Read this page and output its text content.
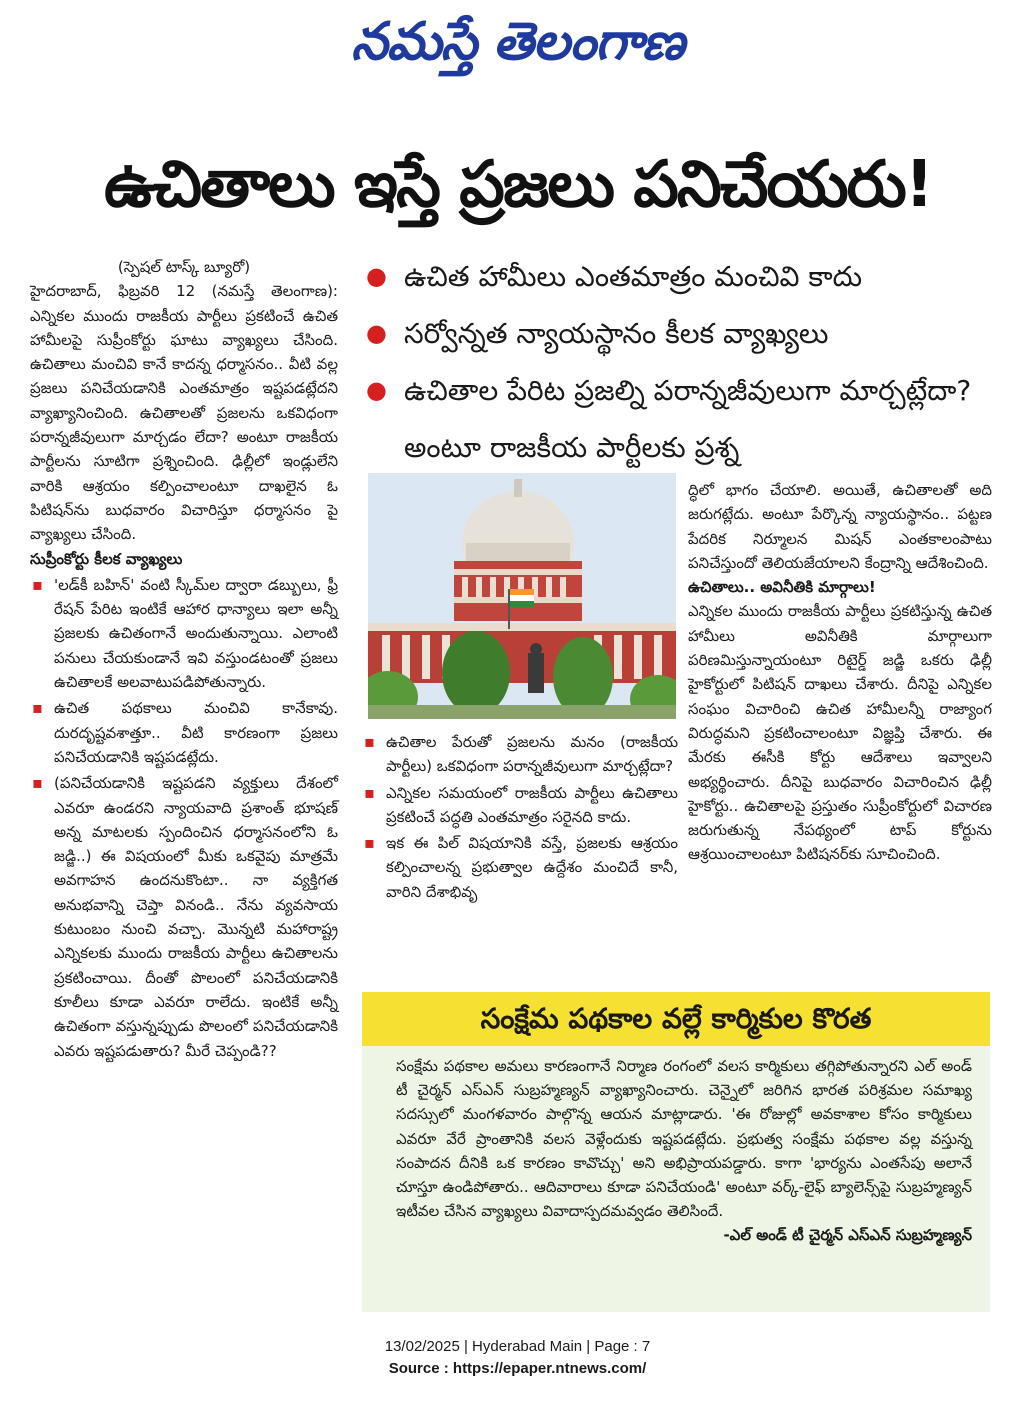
నమస్తే తెలంగాణ
ఉచితాలు ఇస్తే ప్రజలు పనిచేయరు!
● ఉచిత హామీలు ఎంతమాత్రం మంచివి కాదు
● సర్వోన్నత న్యాయస్థానం కీలక వ్యాఖ్యలు
● ఉచితాల పేరిట ప్రజల్ని పరాన్నజీవులుగా మార్చట్లేదా? అంటూ రాజకీయ పార్టీలకు ప్రశ్న

(స్పెషల్ టాస్క్ బ్యూరో)

హైదరాబాద్, ఫిబ్రవరి 12 (నమస్తే తెలంగాణ): ఎన్నికల ముందు రాజకీయ పార్టీలు ప్రకటించే ఉచిత హామీలపై సుప్రీంకోర్టు ఘాటు వ్యాఖ్యలు చేసింది. ఉచితాలు మంచివి కానే కాదన్న ధర్మాసనం.. వీటి వల్ల ప్రజలు పనిచేయడానికి ఎంతమాత్రం ఇష్టపడట్లేదని వ్యాఖ్యానించింది. ఉచితాలతో ప్రజలను ఒకవిధంగా పరాన్నజీవులుగా మార్చడం లేదా? అంటూ రాజకీయ పార్టీలను సూటిగా ప్రశ్నించింది. ఢిల్లీలో ఇండ్లులేని వారికి ఆశ్రయం కల్పించాలంటూ దాఖలైన ఓ పిటిషన్‌ను బుధవారం విచారిస్తూ ధర్మాసనం పై వ్యాఖ్యలు చేసింది.

సుప్రీంకోర్టు కీలక వ్యాఖ్యలు

▪ 'లడ్‌కీ బహిన్' వంటి స్కీమ్‌ల ద్వారా డబ్బులు, ఫ్రీ రేషన్ పేరిట ఇంటికే ఆహార ధాన్యాలు ఇలా అన్నీ ప్రజలకు ఉచితంగానే అందుతున్నాయి. ఎలాంటి పనులు చేయకుండానే ఇవి వస్తుండటంతో ప్రజలు ఉచితాలకే అలవాటుపడిపోతున్నారు.
▪ ఉచిత పథకాలు మంచివి కానేకావు. దురదృష్టవశాత్తూ.. వీటి కారణంగా ప్రజలు పనిచేయడానికి ఇష్టపడట్లేదు.
▪ (పనిచేయడానికి ఇష్టపడని వ్యక్తులు దేశంలో ఎవరూ ఉండరని న్యాయవాది ప్రశాంత్ భూషణ్ అన్న మాటలకు స్పందించిన ధర్మాసనంలోని ఓ జడ్జి..) ఈ విషయంలో మీకు ఒకవైపు మాత్రమే అవగాహన ఉందనుకొంటా.. నా వ్యక్తిగత అనుభవాన్ని చెప్తా వినండి.. నేను వ్యవసాయ కుటుంబం నుంచి వచ్చా. మొన్నటి మహారాష్ట్ర ఎన్నికలకు ముందు రాజకీయ పార్టీలు ఉచితాలను ప్రకటించాయి. దీంతో పొలంలో పనిచేయడానికి కూలీలు కూడా ఎవరూ రాలేదు. ఇంటికే అన్నీ ఉచితంగా వస్తున్నప్పుడు పొలంలో పనిచేయడానికి ఎవరు ఇష్టపడుతారు? మీరే చెప్పండి??
▪ ఉచితాల పేరుతో ప్రజలను మనం (రాజకీయ పార్టీలు) ఒకవిధంగా పరాన్నజీవులుగా మార్చట్లేదా?
▪ ఎన్నికల సమయంలో రాజకీయ పార్టీలు ఉచితాలు ప్రకటించే పద్ధతి ఎంతమాత్రం సరైనది కాదు.
▪ ఇక ఈ పిల్ విషయానికి వస్తే, ప్రజలకు ఆశ్రయం కల్పించాలన్న ప్రభుత్వాల ఉద్దేశం మంచిదే కానీ, వారిని దేశాభివృ

ద్ధిలో భాగం చేయాలి. అయితే, ఉచితాలతో అది జరుగట్లేదు. అంటూ పేర్కొన్న న్యాయస్థానం.. పట్టణ పేదరిక నిర్మూలన మిషన్ ఎంతకాలంపాటు పనిచేస్తుందో తెలియజేయాలని కేంద్రాన్ని ఆదేశించింది.

ఉచితాలు.. అవినీతికి మార్గాలు!

ఎన్నికల ముందు రాజకీయ పార్టీలు ప్రకటిస్తున్న ఉచిత హామీలు అవినీతికి మార్గాలుగా పరిణమిస్తున్నాయంటూ రిటైర్డ్ జడ్జి ఒకరు ఢిల్లీ హైకోర్టులో పిటిషన్ దాఖలు చేశారు. దీనిపై ఎన్నికల సంఘం విచారించి ఉచిత హామీలన్నీ రాజ్యాంగ విరుద్ధమని ప్రకటించాలంటూ విజ్ఞప్తి చేశారు. ఈ మేరకు ఈసీకి కోర్టు ఆదేశాలు ఇవ్వాలని అభ్యర్థించారు. దీనిపై బుధవారం విచారించిన ఢిల్లీ హైకోర్టు.. ఉచితాలపై ప్రస్తుతం సుప్రీంకోర్టులో విచారణ జరుగుతున్న నేపథ్యంలో టాప్ కోర్టును ఆశ్రయించాలంటూ పిటిషనర్‌కు సూచించింది.

సంక్షేమ పథకాల వల్లే కార్మికుల కొరత
సంక్షేమ పథకాల అమలు కారణంగానే నిర్మాణ రంగంలో వలస కార్మికులు తగ్గిపోతున్నారని ఎల్ అండ్ టీ చైర్మన్ ఎస్ఎన్ సుబ్రహ్మణ్యన్ వ్యాఖ్యానించారు. చెన్నైలో జరిగిన భారత పరిశ్రమల సమాఖ్య సదస్సులో మంగళవారం పాల్గొన్న ఆయన మాట్లాడారు. 'ఈ రోజుల్లో అవకాశాల కోసం కార్మికులు ఎవరూ వేరే ప్రాంతానికి వలస వెళ్లేందుకు ఇష్టపడట్లేదు. ప్రభుత్వ సంక్షేమ పథకాల వల్ల వస్తున్న సంపాదన దీనికి ఒక కారణం కావొచ్చు' అని అభిప్రాయపడ్డారు. కాగా 'భార్యను ఎంతసేపు అలానే చూస్తూ ఉండిపోతారు.. ఆదివారాలు కూడా పనిచేయండి' అంటూ వర్క్-లైఫ్ బ్యాలెన్స్‌పై సుబ్రహ్మణ్యన్ ఇటీవల చేసిన వ్యాఖ్యలు వివాదాస్పదమవ్వడం తెలిసిందే.
-ఎల్ అండ్ టీ చైర్మన్ ఎస్ఎన్ సుబ్రహ్మణ్యన్
13/02/2025 | Hyderabad Main | Page : 7
Source : https://epaper.ntnews.com/
